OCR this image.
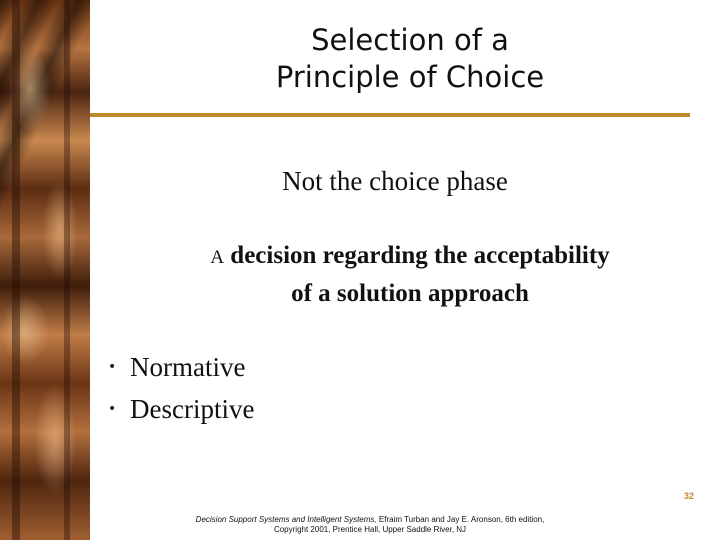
Selection of a
Principle of Choice
Not the choice phase
A decision regarding the acceptability
of a solution approach
• Normative
• Descriptive
32
Decision Support Systems and Intelligent Systems, Efraim Turban and Jay E. Aronson, 6th edition,
Copyright 2001, Prentice Hall, Upper Saddle River, NJ
